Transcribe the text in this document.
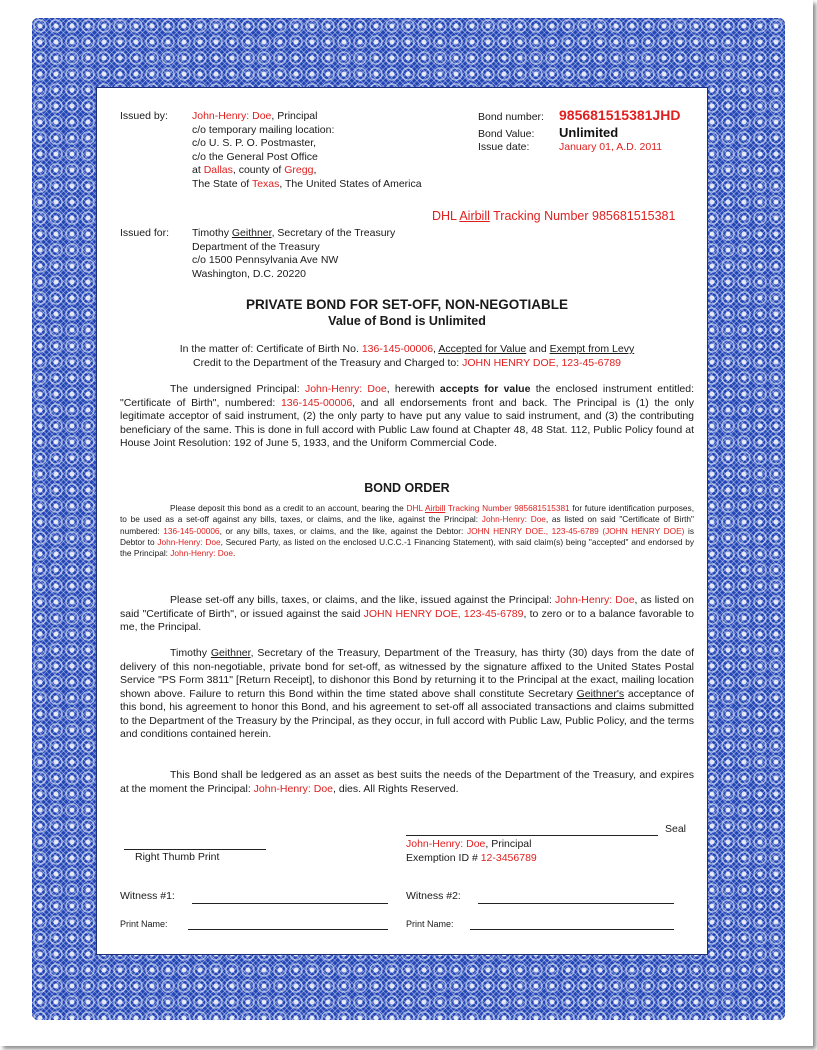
Issued by:	John-Henry: Doe, Principal
c/o temporary mailing location:
c/o U. S. P. O. Postmaster,
c/o the General Post Office
at Dallas, county of Gregg,
The State of Texas, The United States of America
Bond number:	985681515381JHD
Bond Value:	Unlimited
Issue date:	January 01, A.D. 2011
DHL Airbill Tracking Number 985681515381
Issued for:	Timothy Geithner, Secretary of the Treasury
Department of the Treasury
c/o 1500 Pennsylvania Ave NW
Washington, D.C. 20220
PRIVATE BOND FOR SET-OFF, NON-NEGOTIABLE
Value of Bond is Unlimited
In the matter of: Certificate of Birth No. 136-145-00006, Accepted for Value and Exempt from Levy
Credit to the Department of the Treasury and Charged to: JOHN HENRY DOE, 123-45-6789

The undersigned Principal: John-Henry: Doe, herewith accepts for value the enclosed instrument entitled: "Certificate of Birth", numbered: 136-145-00006, and all endorsements front and back. The Principal is (1) the only legitimate acceptor of said instrument, (2) the only party to have put any value to said instrument, and (3) the contributing beneficiary of the same. This is done in full accord with Public Law found at Chapter 48, 48 Stat. 112, Public Policy found at House Joint Resolution: 192 of June 5, 1933, and the Uniform Commercial Code.

BOND ORDER

Please deposit this bond as a credit to an account, bearing the DHL Airbill Tracking Number 985681515381 for future identification purposes, to be used as a set-off against any bills, taxes, or claims, and the like, against the Principal: John-Henry: Doe, as listed on said "Certificate of Birth" numbered: 136-145-00006, or any bills, taxes, or claims, and the like, against the Debtor: JOHN HENRY DOE., 123-45-6789 (JOHN HENRY DOE) is Debtor to John-Henry: Doe, Secured Party, as listed on the enclosed U.C.C.-1 Financing Statement), with said claim(s) being "accepted" and endorsed by the Principal: John-Henry: Doe.

Please set-off any bills, taxes, or claims, and the like, issued against the Principal: John-Henry: Doe, as listed on said "Certificate of Birth", or issued against the said JOHN HENRY DOE, 123-45-6789, to zero or to a balance favorable to me, the Principal.

Timothy Geithner, Secretary of the Treasury, Department of the Treasury, has thirty (30) days from the date of delivery of this non-negotiable, private bond for set-off, as witnessed by the signature affixed to the United States Postal Service "PS Form 3811" [Return Receipt], to dishonor this Bond by returning it to the Principal at the exact, mailing location shown above. Failure to return this Bond within the time stated above shall constitute Secretary Geithner's acceptance of this bond, his agreement to honor this Bond, and his agreement to set-off all associated transactions and claims submitted to the Department of the Treasury by the Principal, as they occur, in full accord with Public Law, Public Policy, and the terms and conditions contained herein.

This Bond shall be ledgered as an asset as best suits the needs of the Department of the Treasury, and expires at the moment the Principal: John-Henry: Doe, dies. All Rights Reserved.

Seal
John-Henry: Doe, Principal
Exemption ID # 12-3456789
Right Thumb Print
Witness #1:	Witness #2:
Print Name:	Print Name:
